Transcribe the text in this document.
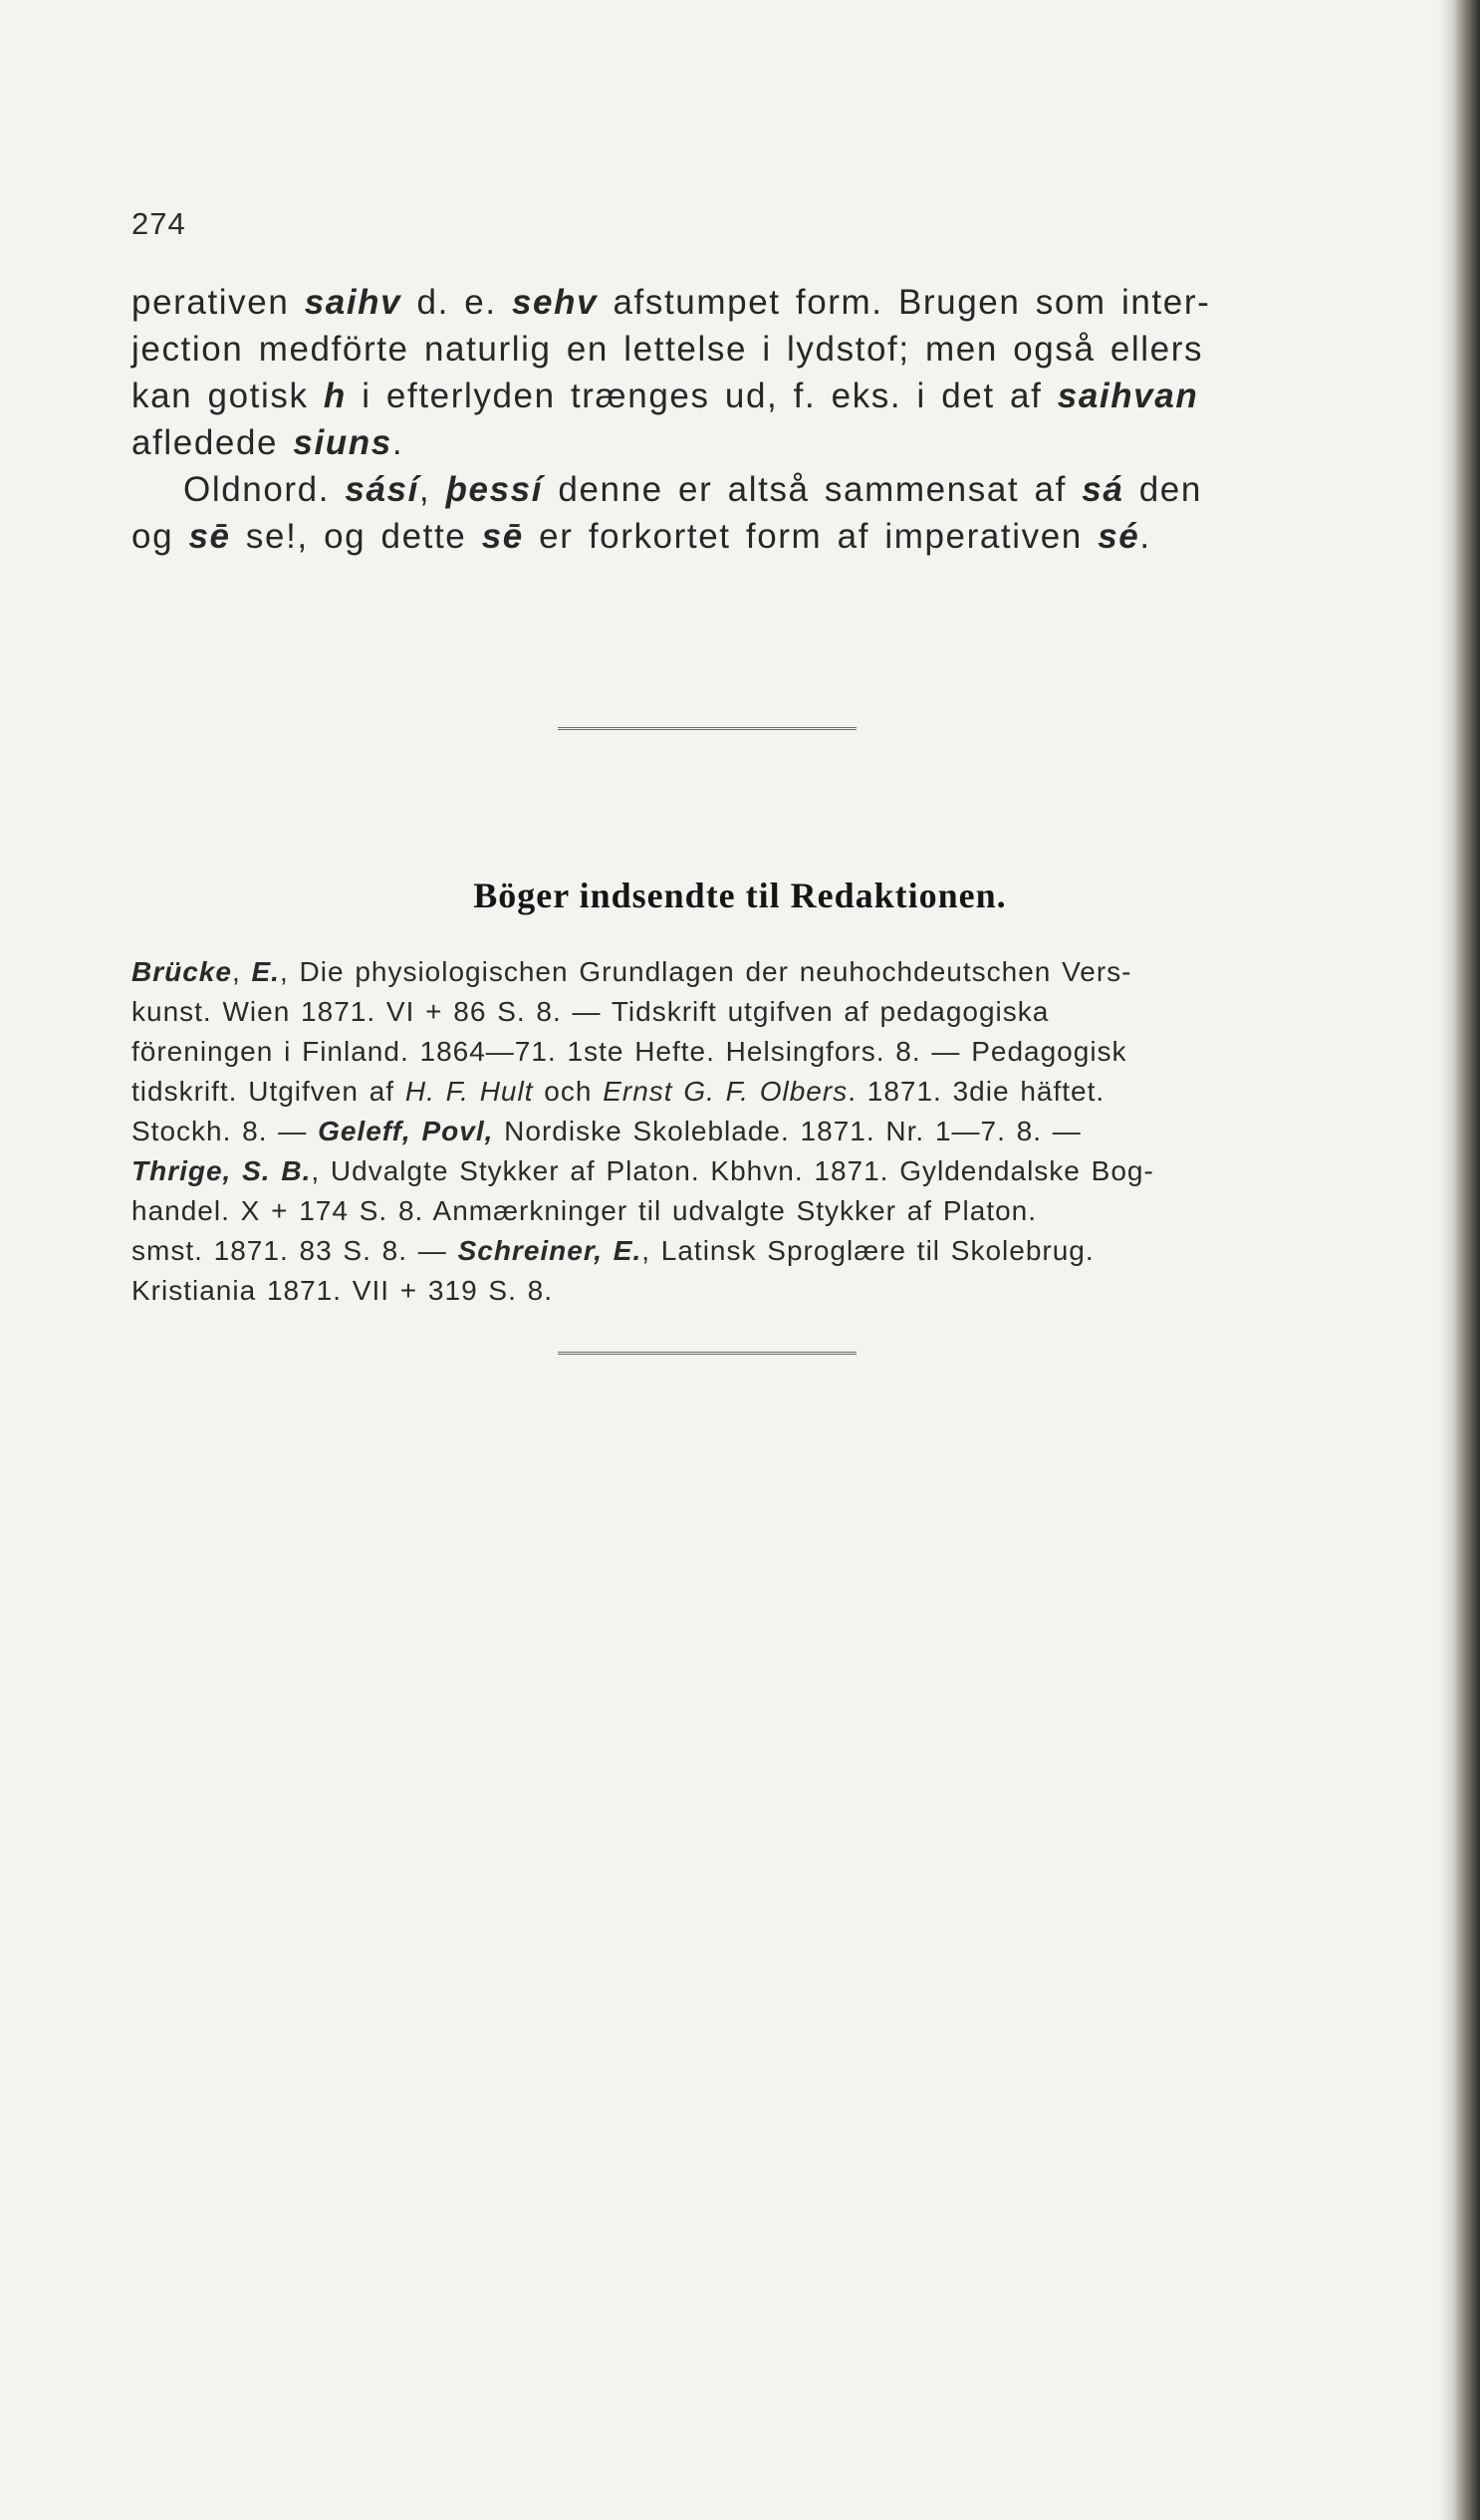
274
perativen saihv d. e. sehv afstumpet form. Brugen som inter-
jection medförte naturlig en lettelse i lydstof; men også ellers
kan gotisk h i efterlyden trænges ud, f. eks. i det af saihvan
afledede siuns.
Oldnord. sásí, þessí denne er altså sammensat af sá den
og sē se!, og dette sē er forkortet form af imperativen sé.
Böger indsendte til Redaktionen.
Brücke, E., Die physiologischen Grundlagen der neuhochdeutschen Vers-
kunst. Wien 1871. VI + 86 S. 8. — Tidskrift utgifven af pedagogiska
föreningen i Finland. 1864—71. 1ste Hefte. Helsingfors. 8. — Pedagogisk
tidskrift. Utgifven af H. F. Hult och Ernst G. F. Olbers. 1871. 3die häftet.
Stockh. 8. — Geleff, Povl, Nordiske Skoleblade. 1871. Nr. 1—7. 8. —
Thrige, S. B., Udvalgte Stykker af Platon. Kbhvn. 1871. Gyldendalske Bog-
handel. X + 174 S. 8. Anmærkninger til udvalgte Stykker af Platon.
smst. 1871. 83 S. 8. — Schreiner, E., Latinsk Sproglære til Skolebrug.
Kristiania 1871. VII + 319 S. 8.
